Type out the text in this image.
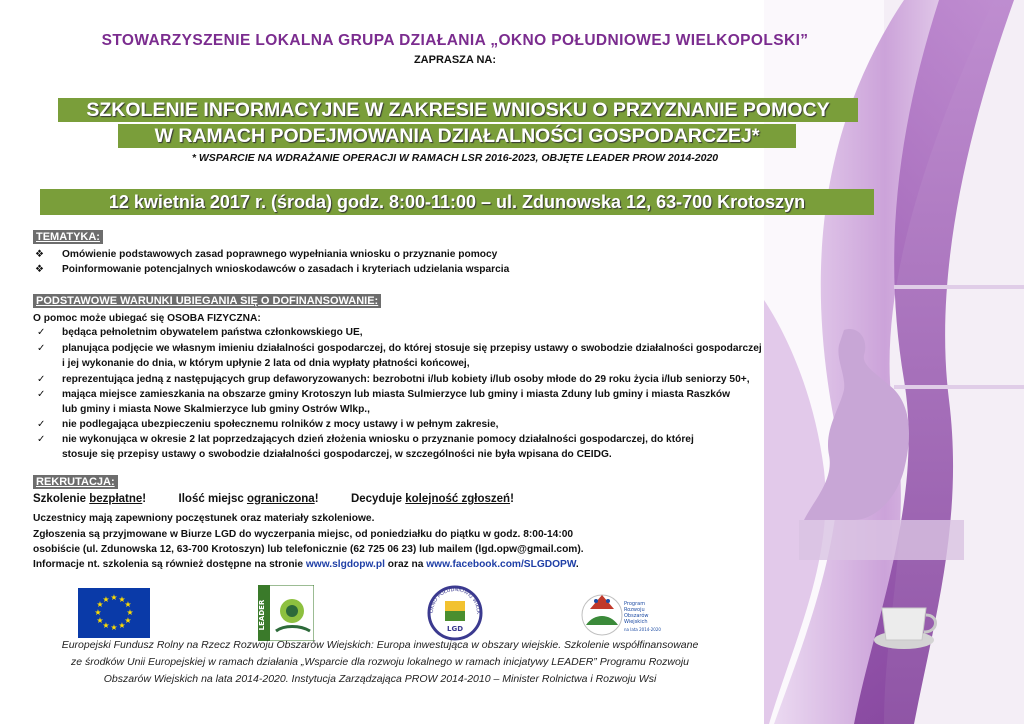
STOWARZYSZENIE LOKALNA GRUPA DZIAŁANIA „OKNO POŁUDNIOWEJ WIELKOPOLSKI”
ZAPRASZA NA:
SZKOLENIE INFORMACYJNE W ZAKRESIE WNIOSKU O PRZYZNANIE POMOCY
W RAMACH PODEJMOWANIA DZIAŁALNOŚCI GOSPODARCZEJ*
* WSPARCIE NA WDRAŻANIE OPERACJI W RAMACH LSR 2016-2023, OBJĘTE LEADER PROW 2014-2020
12 kwietnia 2017 r. (środa) godz. 8:00-11:00 – ul. Zdunowska 12, 63-700 Krotoszyn
TEMATYKA:
❖ Omówienie podstawowych zasad poprawnego wypełniania wniosku o przyznanie pomocy
❖ Poinformowanie potencjalnych wnioskodawców o zasadach i kryteriach udzielania wsparcia
PODSTAWOWE WARUNKI UBIEGANIA SIĘ O DOFINANSOWANIE:
O pomoc może ubiegać się OSOBA FIZYCZNA:
✓ będąca pełnoletnim obywatelem państwa członkowskiego UE,
✓ planująca podjęcie we własnym imieniu działalności gospodarczej, do której stosuje się przepisy ustawy o swobodzie działalności gospodarczej
i jej wykonanie do dnia, w którym upłynie 2 lata od dnia wypłaty płatności końcowej,
✓ reprezentująca jedną z następujących grup defaworyzowanych: bezrobotni i/lub kobiety i/lub osoby młode do 29 roku życia i/lub seniorzy 50+,
✓ mająca miejsce zamieszkania na obszarze gminy Krotoszyn lub miasta Sulmierzyce lub gminy i miasta Zduny lub gminy i miasta Raszków
lub gminy i miasta Nowe Skalmierzyce lub gminy Ostrów Wlkp.,
✓ nie podlegająca ubezpieczeniu społecznemu rolników z mocy ustawy i w pełnym zakresie,
✓ nie wykonująca w okresie 2 lat poprzedzających dzień złożenia wniosku o przyznanie pomocy działalności gospodarczej, do której
stosuje się przepisy ustawy o swobodzie działalności gospodarczej, w szczególności nie była wpisana do CEIDG.
REKRUTACJA:
Szkolenie bezpłatne!	Ilość miejsc ograniczona!	Decyduje kolejność zgłoszeń!
Uczestnicy mają zapewniony poczęstunek oraz materiały szkoleniowe.
Zgłoszenia są przyjmowane w Biurze LGD do wyczerpania miejsc, od poniedziałku do piątku w godz. 8:00-14:00
osobiście (ul. Zdunowska 12, 63-700 Krotoszyn) lub telefonicznie (62 725 06 23) lub mailem (lgd.opw@gmail.com).
Informacje nt. szkolenia są również dostępne na stronie www.slgdopw.pl oraz na www.facebook.com/SLGDOPW.
★ ★
★
★
★
★
★
★
★
★
★
★
LEADER	OKNO POŁUDNIOWEJ WIELK
LGD
Program
Rozwoju
Obszarów
Wiejskich
na lata 2014-2020
Europejski Fundusz Rolny na Rzecz Rozwoju Obszarów Wiejskich: Europa inwestująca w obszary wiejskie. Szkolenie współfinansowane
ze środków Unii Europejskiej w ramach działania „Wsparcie dla rozwoju lokalnego w ramach inicjatywy LEADER” Programu Rozwoju
Obszarów Wiejskich na lata 2014-2020. Instytucja Zarządzająca PROW 2014-2010 – Minister Rolnictwa i Rozwoju Wsi
